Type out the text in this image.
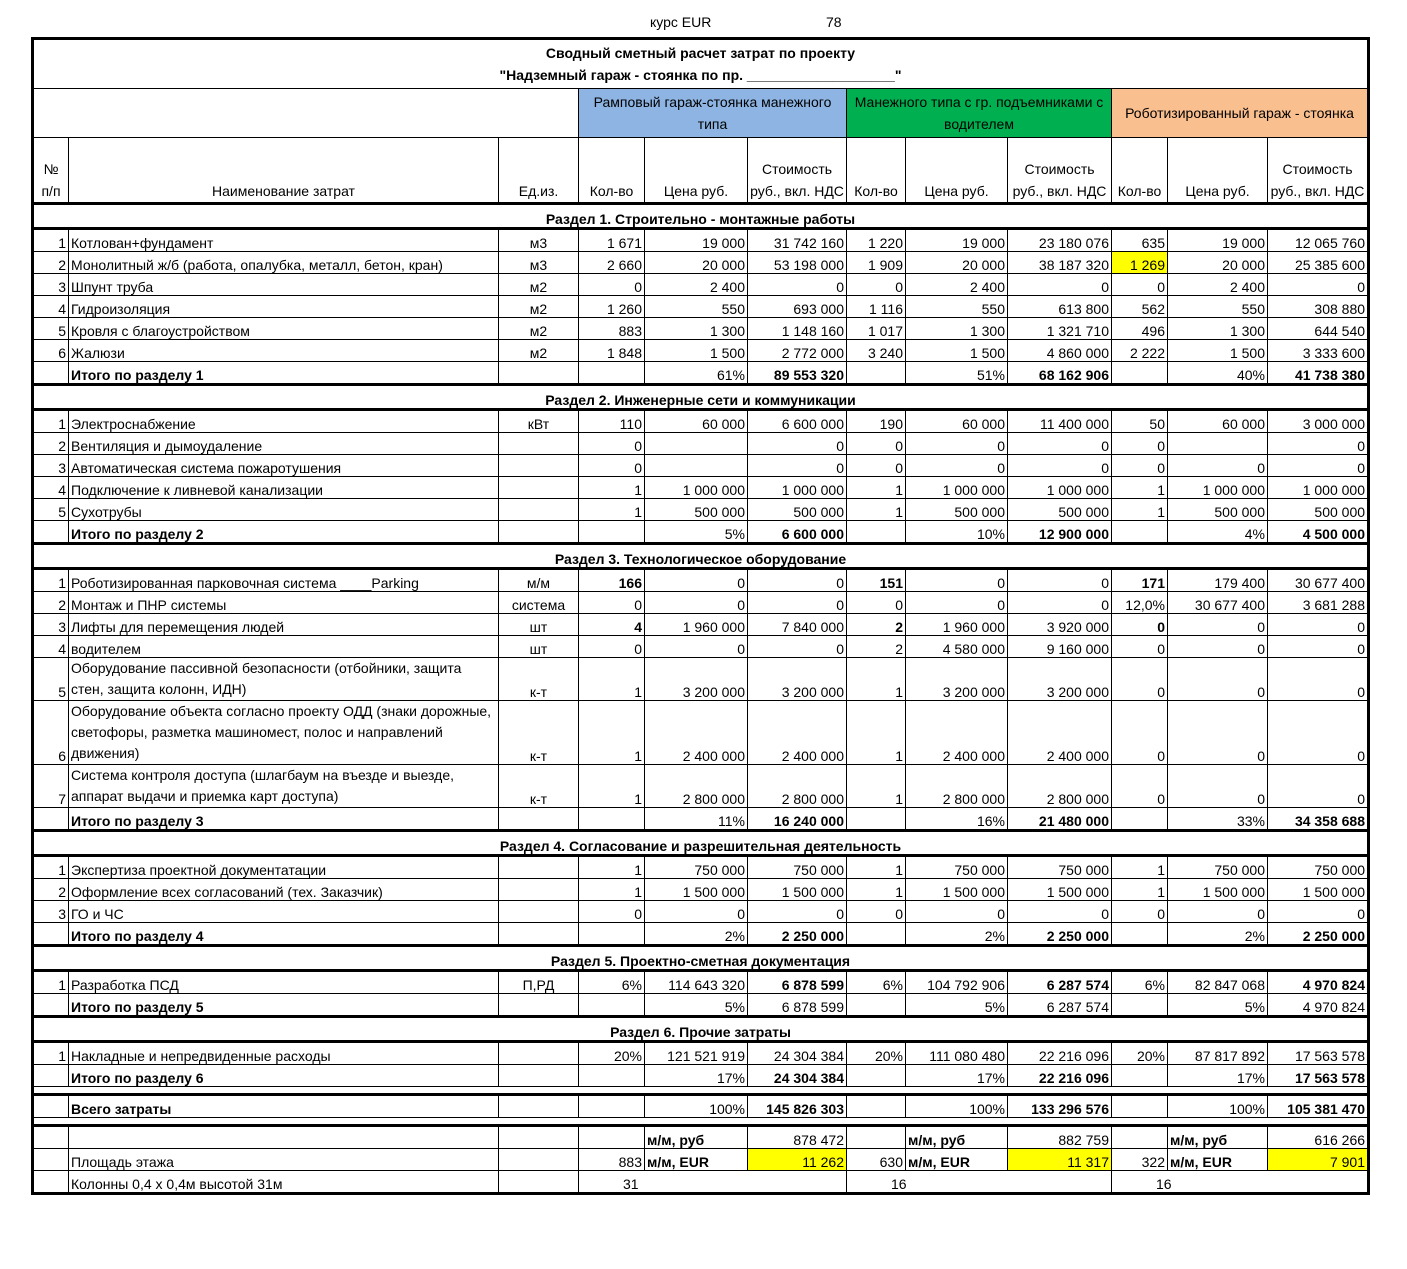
курс EUR	78
Сводный сметный расчет затрат по проекту
"Надземный гараж - стоянка по пр. ___________________"											

			Рамповый гараж-стоянка манежного типа			Манежного типа с гр. подъемниками с водителем			Роботизированный гараж - стоянка		
№ п/п	Наименование затрат	Ед.из.	Кол-во	Цена руб.	Стоимость руб., вкл. НДС	Кол-во	Цена руб.	Стоимость руб., вкл. НДС	Кол-во	Цена руб.	Стоимость руб., вкл. НДС
Раздел 1. Строительно - монтажные работы											
1	Котлован+фундамент	м3	1 671	19 000	31 742 160	1 220	19 000	23 180 076	635	19 000	12 065 760
2	Монолитный ж/б (работа, опалубка, металл, бетон, кран)	м3	2 660	20 000	53 198 000	1 909	20 000	38 187 320	1 269	20 000	25 385 600
3	Шпунт труба	м2	0	2 400	0	0	2 400	0	0	2 400	0
4	Гидроизоляция	м2	1 260	550	693 000	1 116	550	613 800	562	550	308 880
5	Кровля с благоустройством	м2	883	1 300	1 148 160	1 017	1 300	1 321 710	496	1 300	644 540
6	Жалюзи	м2	1 848	1 500	2 772 000	3 240	1 500	4 860 000	2 222	1 500	3 333 600
	Итого по разделу 1			61%	89 553 320		51%	68 162 906		40%	41 738 380
Раздел 2. Инженерные сети и коммуникации											
1	Электроснабжение	кВт	110	60 000	6 600 000	190	60 000	11 400 000	50	60 000	3 000 000
2	Вентиляция и дымоудаление		0		0	0	0	0	0		0
3	Автоматическая система пожаротушения		0		0	0	0	0	0	0	0
4	Подключение к ливневой канализации		1	1 000 000	1 000 000	1	1 000 000	1 000 000	1	1 000 000	1 000 000
5	Сухотрубы		1	500 000	500 000	1	500 000	500 000	1	500 000	500 000
	Итого по разделу 2			5%	6 600 000		10%	12 900 000		4%	4 500 000
Раздел 3. Технологическое оборудование											
1	Роботизированная парковочная система ____Parking	м/м	166	0	0	151	0	0	171	179 400	30 677 400
2	Монтаж и ПНР системы	система	0	0	0	0	0	0	12,0%	30 677 400	3 681 288
3	Лифты для перемещения людей	шт	4	1 960 000	7 840 000	2	1 960 000	3 920 000	0	0	0
4	водителем	шт	0	0	0	2	4 580 000	9 160 000	0	0	0
5	Оборудование пассивной безопасности (отбойники, защита стен, защита колонн, ИДН)	к-т	1	3 200 000	3 200 000	1	3 200 000	3 200 000	0	0	0
6	Оборудование объекта согласно проекту ОДД (знаки дорожные, светофоры, разметка машиномест, полос и направлений движения)	к-т	1	2 400 000	2 400 000	1	2 400 000	2 400 000	0	0	0
7	Система контроля доступа (шлагбаум на въезде и выезде, аппарат выдачи и приемка карт доступа)	к-т	1	2 800 000	2 800 000	1	2 800 000	2 800 000	0	0	0
	Итого по разделу 3			11%	16 240 000		16%	21 480 000		33%	34 358 688
Раздел 4. Согласование и разрешительная деятельность											
1	Экспертиза проектной документатации		1	750 000	750 000	1	750 000	750 000	1	750 000	750 000
2	Оформление всех согласований (тех. Заказчик)		1	1 500 000	1 500 000	1	1 500 000	1 500 000	1	1 500 000	1 500 000
3	ГО и ЧС		0	0	0	0	0	0	0	0	0
	Итого по разделу 4			2%	2 250 000		2%	2 250 000		2%	2 250 000
Раздел 5. Проектно-сметная документация											
1	Разработка ПСД	П,РД	6%	114 643 320	6 878 599	6%	104 792 906	6 287 574	6%	82 847 068	4 970 824
	Итого по разделу 5			5%	6 878 599		5%	6 287 574		5%	4 970 824
Раздел 6. Прочие затраты											
1	Накладные и непредвиденные расходы		20%	121 521 919	24 304 384	20%	111 080 480	22 216 096	20%	87 817 892	17 563 578
	Итого по разделу 6			17%	24 304 384		17%	22 216 096		17%	17 563 578

	Всего затраты			100%	145 826 303		100%	133 296 576		100%	105 381 470

				м/м, руб	878 472		м/м, руб	882 759		м/м, руб	616 266
	Площадь этажа		883	м/м, EUR	11 262	630	м/м, EUR	11 317	322	м/м, EUR	7 901
	Колонны 0,4 х 0,4м высотой 31м		31			16			16		
